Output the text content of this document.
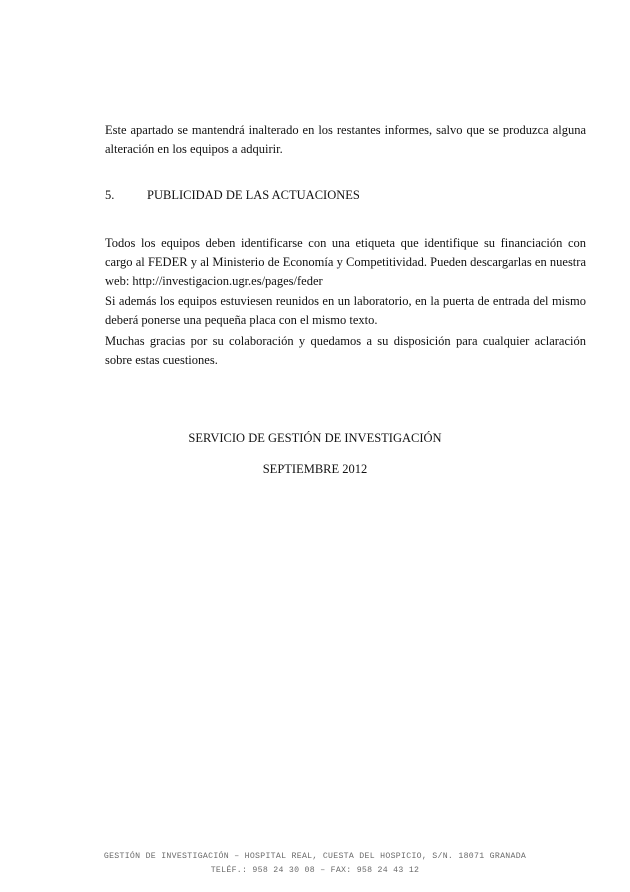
Este apartado se mantendrá inalterado en los restantes informes, salvo que se produzca alguna alteración en los equipos a adquirir.

5.	PUBLICIDAD DE LAS ACTUACIONES

Todos los equipos deben identificarse con una etiqueta que identifique su financiación con cargo al FEDER y al Ministerio de Economía y Competitividad. Pueden descargarlas en nuestra web: http://investigacion.ugr.es/pages/feder

Si además los equipos estuviesen reunidos en un laboratorio, en la puerta de entrada del mismo deberá ponerse una pequeña placa con el mismo texto.

Muchas gracias por su colaboración y quedamos a su disposición para cualquier aclaración sobre estas cuestiones.

SERVICIO DE GESTIÓN DE INVESTIGACIÓN

SEPTIEMBRE 2012

GESTIÓN DE INVESTIGACIÓN – HOSPITAL REAL, CUESTA DEL HOSPICIO, S/N. 18071 GRANADA

TELÉF.: 958 24 30 08 – FAX: 958 24 43 12
